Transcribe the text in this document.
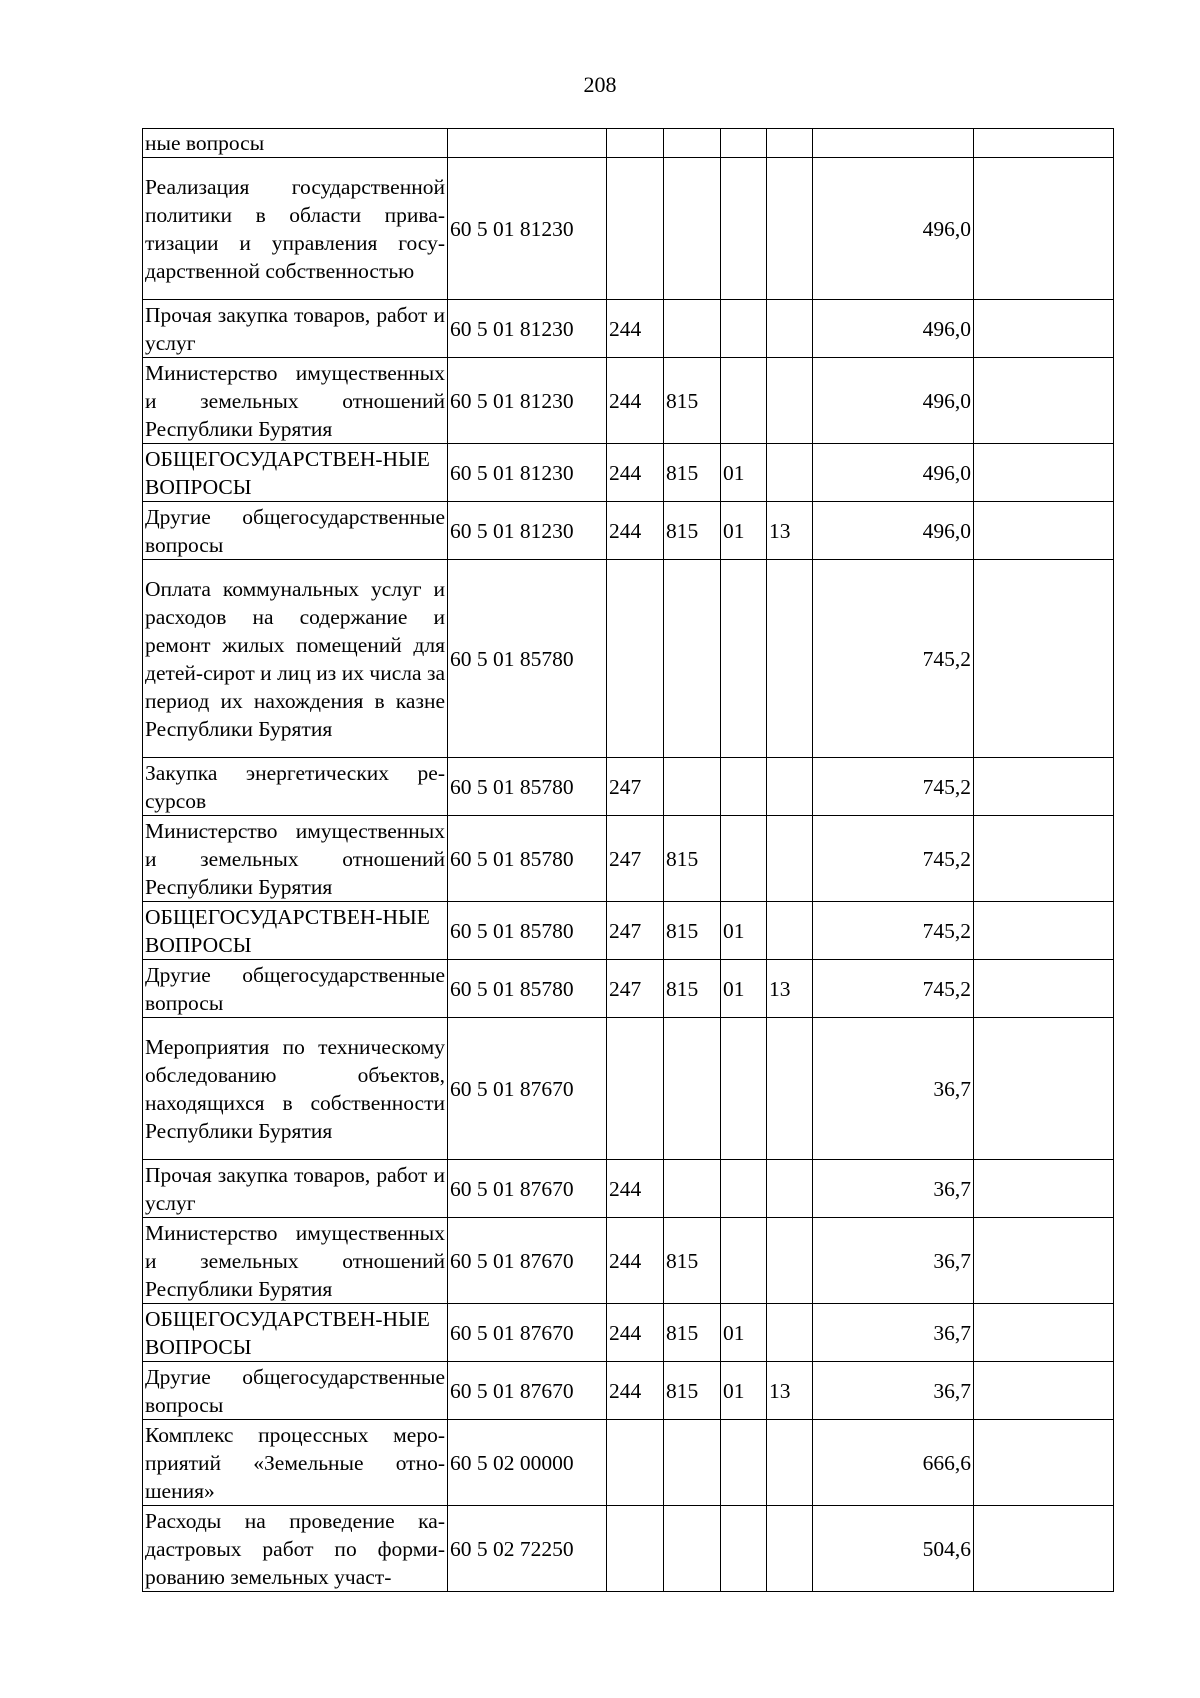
208
ные вопросы							
Реализация государственной политики в области приватизации и управления государственной собственностью	60 5 01 81230					496,0	
Прочая закупка товаров, работ и услуг	60 5 01 81230	244				496,0	
Министерство имущественных и земельных отношений Республики Бурятия	60 5 01 81230	244	815			496,0	
ОБЩЕГОСУДАРСТВЕН-НЫЕ ВОПРОСЫ	60 5 01 81230	244	815	01		496,0	
Другие общегосударственные вопросы	60 5 01 81230	244	815	01	13	496,0	
Оплата коммунальных услуг и расходов на содержание и ремонт жилых помещений для детей-сирот и лиц из их числа за период их нахождения в казне Республики Бурятия	60 5 01 85780					745,2	
Закупка энергетических ресурсов	60 5 01 85780	247				745,2	
Министерство имущественных и земельных отношений Республики Бурятия	60 5 01 85780	247	815			745,2	
ОБЩЕГОСУДАРСТВЕН-НЫЕ ВОПРОСЫ	60 5 01 85780	247	815	01		745,2	
Другие общегосударственные вопросы	60 5 01 85780	247	815	01	13	745,2	
Мероприятия по техническому обследованию объектов, находящихся в собственности Республики Бурятия	60 5 01 87670					36,7	
Прочая закупка товаров, работ и услуг	60 5 01 87670	244				36,7	
Министерство имущественных и земельных отношений Республики Бурятия	60 5 01 87670	244	815			36,7	
ОБЩЕГОСУДАРСТВЕН-НЫЕ ВОПРОСЫ	60 5 01 87670	244	815	01		36,7	
Другие общегосударственные вопросы	60 5 01 87670	244	815	01	13	36,7	
Комплекс процессных мероприятий «Земельные отношения»	60 5 02 00000					666,6	
Расходы на проведение кадастровых работ по формированию земельных участ-	60 5 02 72250					504,6	
